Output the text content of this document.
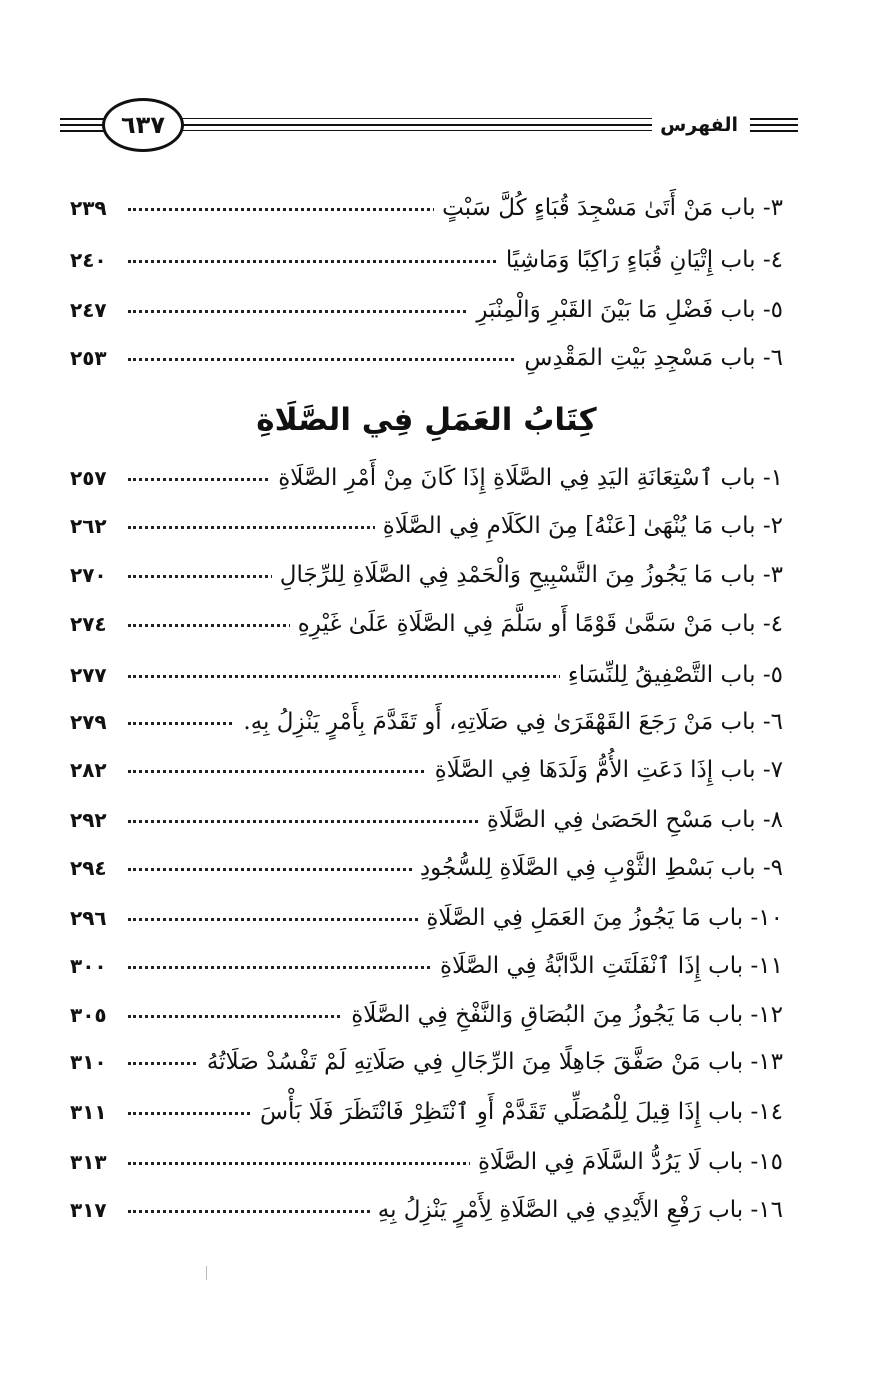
٦٣٧	الفهرس
٣- باب مَنْ أَتَىٰ مَسْجِدَ قُبَاءٍ كُلَّ سَبْتٍ
٢٣٩
٤- باب إِتْيَانِ قُبَاءٍ رَاكِبًا وَمَاشِيًا
٢٤٠
٥- باب فَضْلِ مَا بَيْنَ القَبْرِ وَالْمِنْبَرِ
٢٤٧
٦- باب مَسْجِدِ بَيْتِ المَقْدِسِ
٢٥٣
كِتَابُ العَمَلِ فِي الصَّلَاةِ
١- باب ٱسْتِعَانَةِ اليَدِ فِي الصَّلَاةِ إِذَا كَانَ مِنْ أَمْرِ الصَّلَاةِ
٢٥٧
٢- باب مَا يُنْهَىٰ [عَنْهُ] مِنَ الكَلَامِ فِي الصَّلَاةِ
٢٦٢
٣- باب مَا يَجُوزُ مِنَ التَّسْبِيحِ وَالْحَمْدِ فِي الصَّلَاةِ لِلرِّجَالِ
٢٧٠
٤- باب مَنْ سَمَّىٰ قَوْمًا أَو سَلَّمَ فِي الصَّلَاةِ عَلَىٰ غَيْرِهِ
٢٧٤
٥- باب التَّصْفِيقُ لِلنِّسَاءِ
٢٧٧
٦- باب مَنْ رَجَعَ القَهْقَرَىٰ فِي صَلَاتِهِ، أَو تَقَدَّمَ بِأَمْرٍ يَنْزِلُ بِهِ.
٢٧٩
٧- باب إِذَا دَعَتِ الأُمُّ وَلَدَهَا فِي الصَّلَاةِ
٢٨٢
٨- باب مَسْحِ الحَصَىٰ فِي الصَّلَاةِ
٢٩٢
٩- باب بَسْطِ الثَّوْبِ فِي الصَّلَاةِ لِلسُّجُودِ
٢٩٤
١٠- باب مَا يَجُوزُ مِنَ العَمَلِ فِي الصَّلَاةِ
٢٩٦
١١- باب إِذَا ٱنْفَلَتَتِ الدَّابَّةُ فِي الصَّلَاةِ
٣٠٠
١٢- باب مَا يَجُوزُ مِنَ البُصَاقِ وَالنَّفْخِ فِي الصَّلَاةِ
٣٠٥
١٣- باب مَنْ صَفَّقَ جَاهِلًا مِنَ الرِّجَالِ فِي صَلَاتِهِ لَمْ تَفْسُدْ صَلَاتُهُ
٣١٠
١٤- باب إِذَا قِيلَ لِلْمُصَلِّي تَقَدَّمْ أَوِ ٱنْتَظِرْ فَانْتَظَرَ فَلَا بَأْسَ
٣١١
١٥- باب لَا يَرُدُّ السَّلَامَ فِي الصَّلَاةِ
٣١٣
١٦- باب رَفْعِ الأَيْدِي فِي الصَّلَاةِ لِأَمْرٍ يَنْزِلُ بِهِ
٣١٧
